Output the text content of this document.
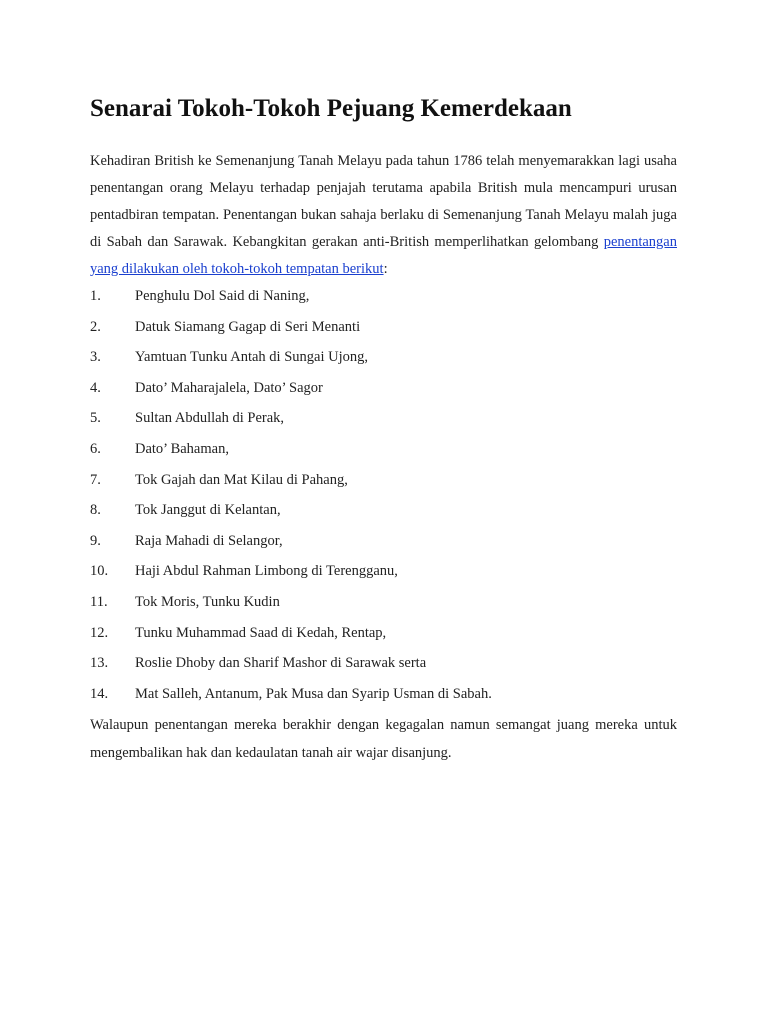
Senarai Tokoh-Tokoh Pejuang Kemerdekaan

Kehadiran British ke Semenanjung Tanah Melayu pada tahun 1786 telah menyemarakkan lagi usaha penentangan orang Melayu terhadap penjajah terutama apabila British mula mencampuri urusan pentadbiran tempatan. Penentangan bukan sahaja berlaku di Semenanjung Tanah Melayu malah juga di Sabah dan Sarawak. Kebangkitan gerakan anti-British memperlihatkan gelombang penentangan yang dilakukan oleh tokoh-tokoh tempatan berikut:

1. Penghulu Dol Said di Naning,
2. Datuk Siamang Gagap di Seri Menanti
3. Yamtuan Tunku Antah di Sungai Ujong,
4. Dato’ Maharajalela, Dato’ Sagor
5. Sultan Abdullah di Perak,
6. Dato’ Bahaman,
7. Tok Gajah dan Mat Kilau di Pahang,
8. Tok Janggut di Kelantan,
9. Raja Mahadi di Selangor,
10. Haji Abdul Rahman Limbong di Terengganu,
11. Tok Moris, Tunku Kudin
12. Tunku Muhammad Saad di Kedah, Rentap,
13. Roslie Dhoby dan Sharif Mashor di Sarawak serta
14. Mat Salleh, Antanum, Pak Musa dan Syarip Usman di Sabah.

Walaupun penentangan mereka berakhir dengan kegagalan namun semangat juang mereka untuk mengembalikan hak dan kedaulatan tanah air wajar disanjung.
